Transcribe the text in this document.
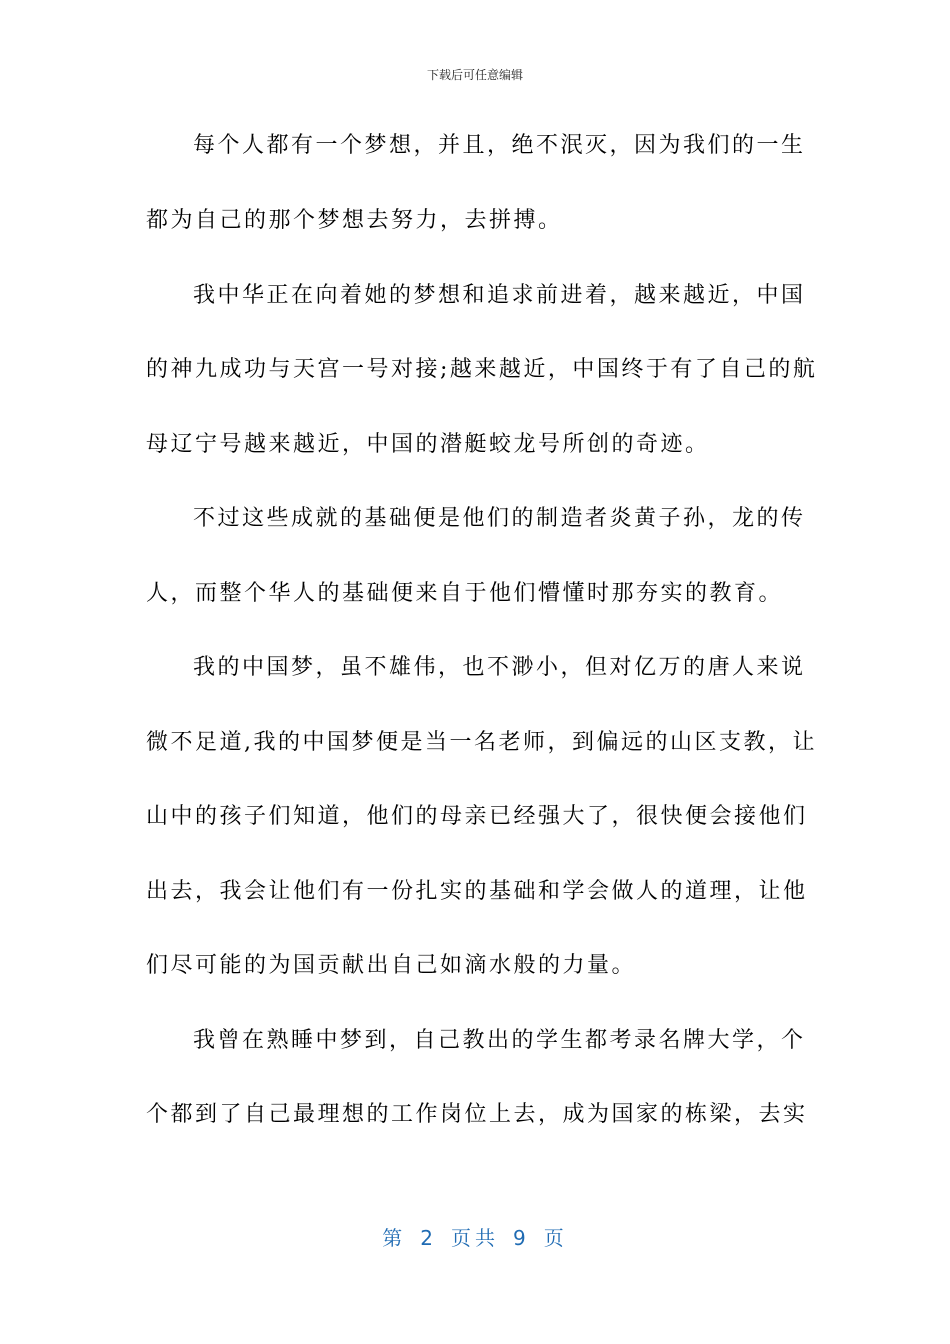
下载后可任意编辑
每个人都有一个梦想，并且，绝不泯灭，因为我们的一生
都为自己的那个梦想去努力，去拼搏。
我中华正在向着她的梦想和追求前进着，越来越近，中国
的神九成功与天宫一号对接;越来越近，中国终于有了自己的航
母辽宁号越来越近，中国的潜艇蛟龙号所创的奇迹。
不过这些成就的基础便是他们的制造者炎黄子孙，龙的传
人，而整个华人的基础便来自于他们懵懂时那夯实的教育。
我的中国梦，虽不雄伟，也不渺小，但对亿万的唐人来说
微不足道,我的中国梦便是当一名老师，到偏远的山区支教，让
山中的孩子们知道，他们的母亲已经强大了，很快便会接他们
出去，我会让他们有一份扎实的基础和学会做人的道理，让他
们尽可能的为国贡献出自己如滴水般的力量。
我曾在熟睡中梦到，自己教出的学生都考录名牌大学，个
个都到了自己最理想的工作岗位上去，成为国家的栋梁，去实
第 2 页共 9 页
